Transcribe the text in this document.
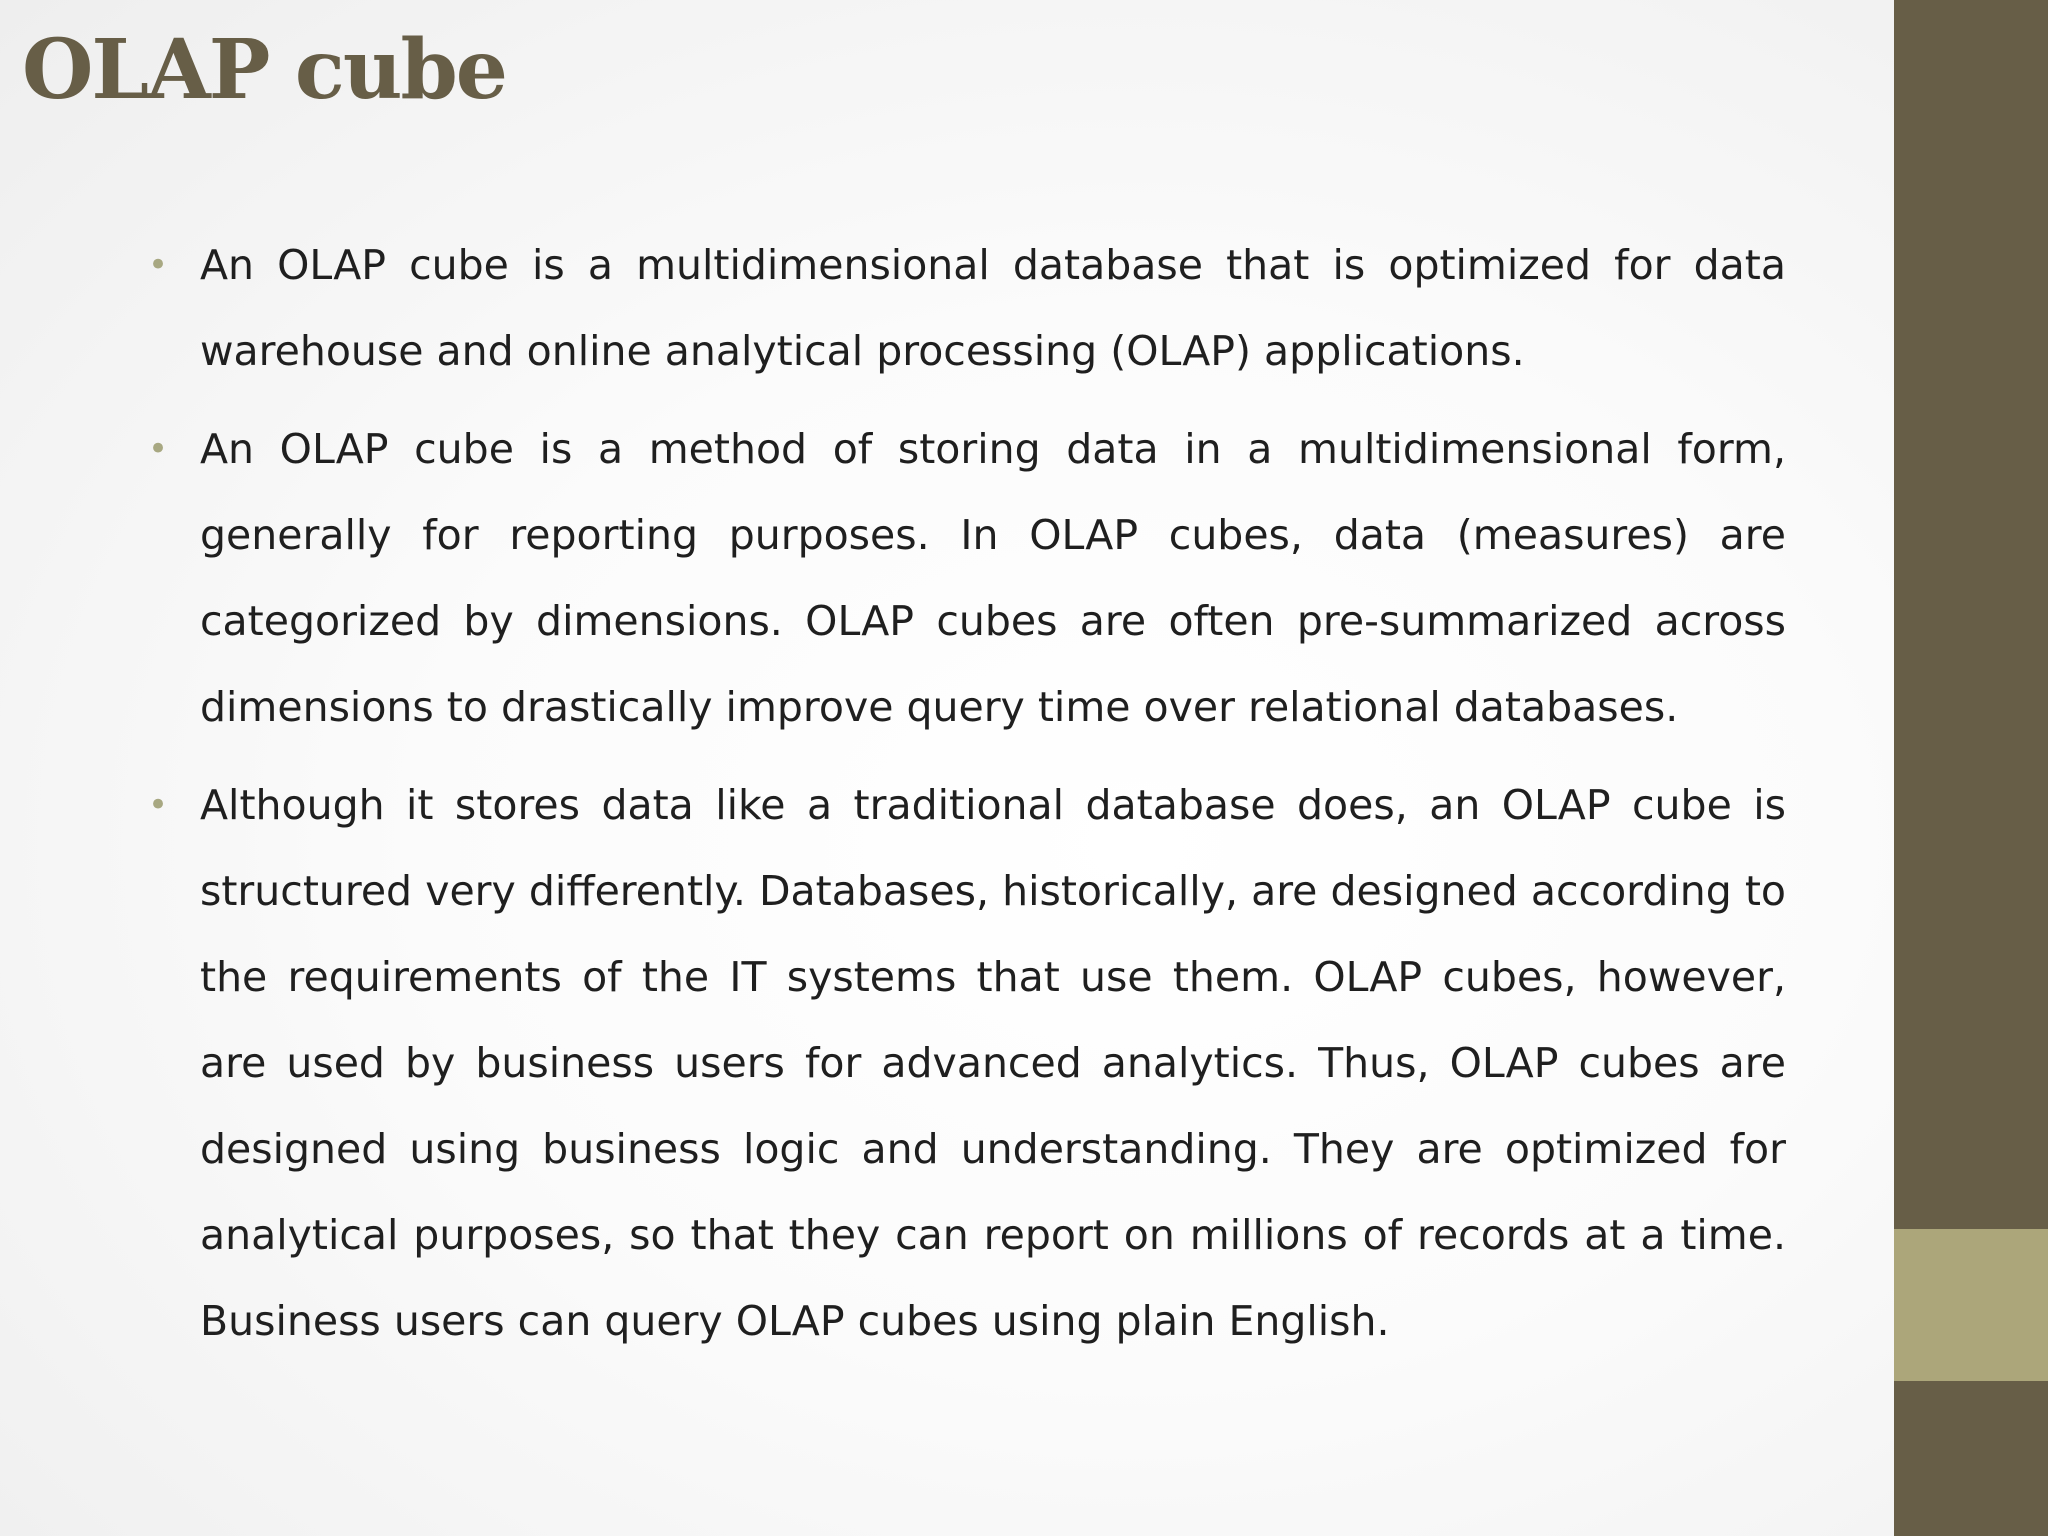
OLAP cube
• An OLAP cube is a multidimensional database that is optimized for data warehouse and online analytical processing (OLAP) applications.
• An OLAP cube is a method of storing data in a multidimensional form, generally for reporting purposes. In OLAP cubes, data (measures) are categorized by dimensions. OLAP cubes are often pre-summarized across dimensions to drastically improve query time over relational databases.
• Although it stores data like a traditional database does, an OLAP cube is structured very differently. Databases, historically, are designed according to the requirements of the IT systems that use them. OLAP cubes, however, are used by business users for advanced analytics. Thus, OLAP cubes are designed using business logic and understanding. They are optimized for analytical purposes, so that they can report on millions of records at a time. Business users can query OLAP cubes using plain English.
